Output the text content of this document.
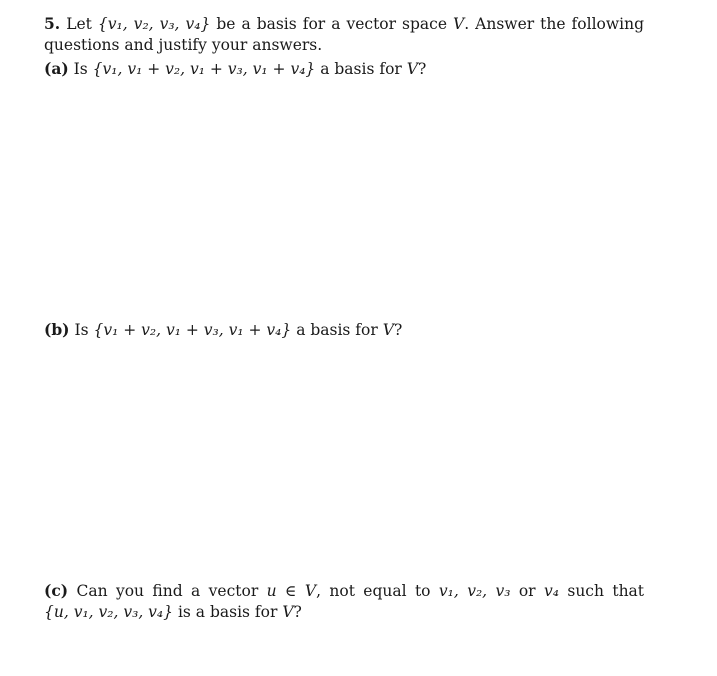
5. Let {v₁, v₂, v₃, v₄} be a basis for a vector space V. Answer the following

questions and justify your answers.

(a) Is {v₁, v₁ + v₂, v₁ + v₃, v₁ + v₄} a basis for V?

(b) Is {v₁ + v₂, v₁ + v₃, v₁ + v₄} a basis for V?

(c) Can you find a vector u ∈ V, not equal to v₁, v₂, v₃ or v₄ such that

{u, v₁, v₂, v₃, v₄} is a basis for V?
